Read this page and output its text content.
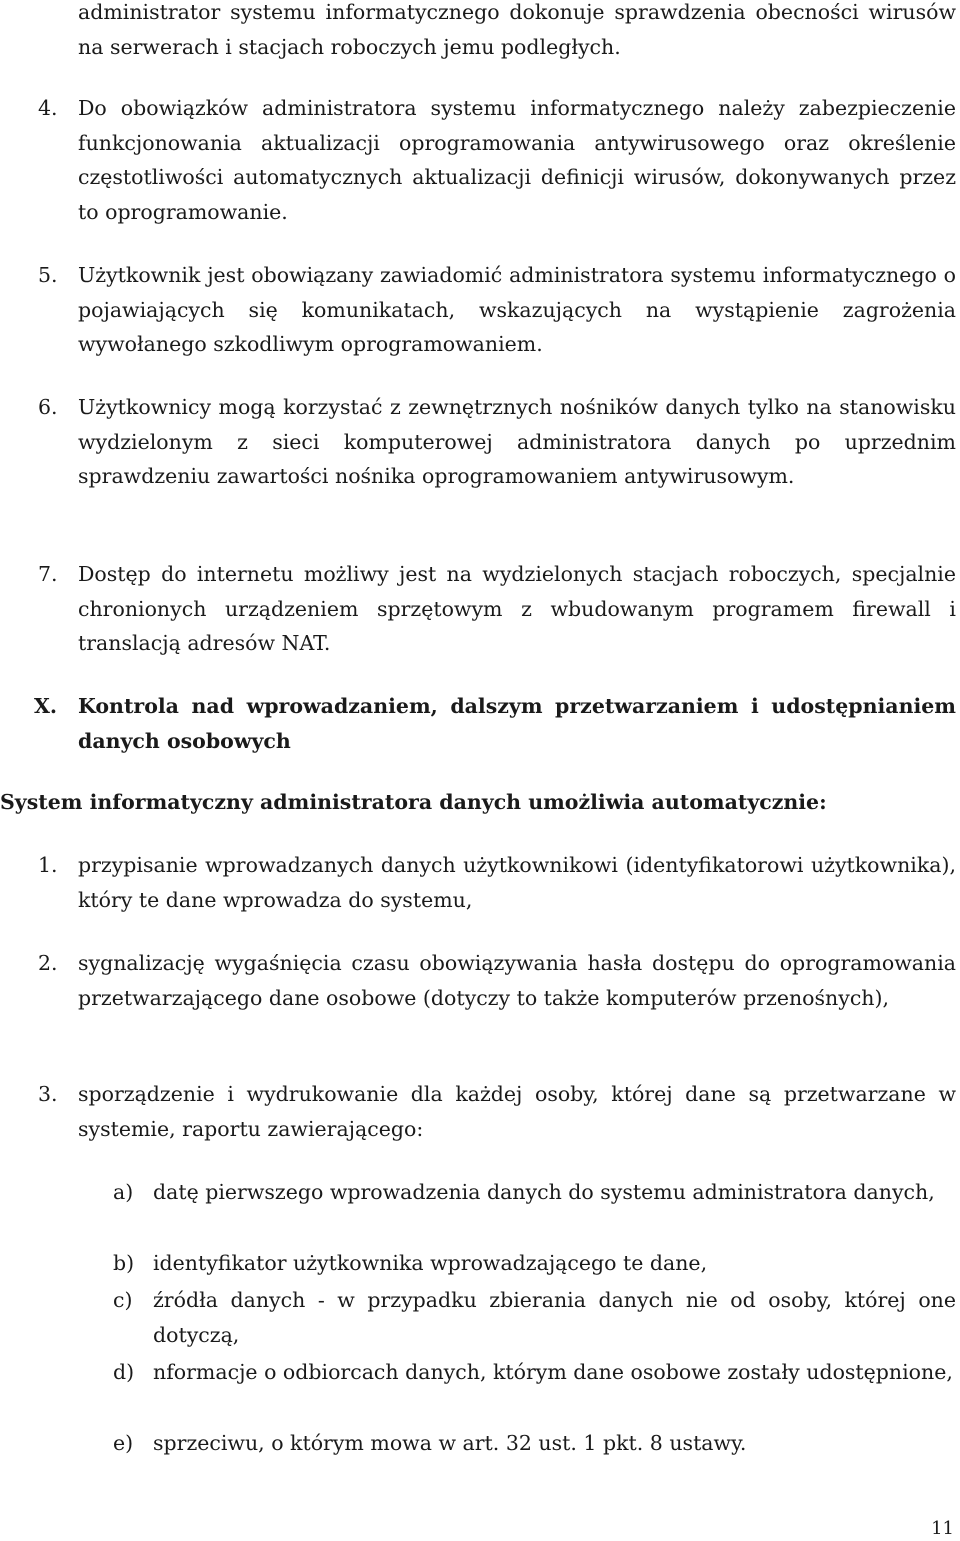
administrator systemu informatycznego dokonuje sprawdzenia obecności wirusów na serwerach i stacjach roboczych jemu podległych.
4. Do obowiązków administratora systemu informatycznego należy zabezpieczenie funkcjonowania aktualizacji oprogramowania antywirusowego oraz określenie częstotliwości automatycznych aktualizacji definicji wirusów, dokonywanych przez to oprogramowanie.
5. Użytkownik jest obowiązany zawiadomić administratora systemu informatycznego o pojawiających się komunikatach, wskazujących na wystąpienie zagrożenia wywołanego szkodliwym oprogramowaniem.
6. Użytkownicy mogą korzystać z zewnętrznych nośników danych tylko na stanowisku wydzielonym z sieci komputerowej administratora danych po uprzednim sprawdzeniu zawartości nośnika oprogramowaniem antywirusowym.
7. Dostęp do internetu możliwy jest na wydzielonych stacjach roboczych, specjalnie chronionych urządzeniem sprzętowym z wbudowanym programem firewall i translacją adresów NAT.
X.	Kontrola nad wprowadzaniem, dalszym przetwarzaniem i udostępnianiem danych osobowych
System informatyczny administratora danych umożliwia automatycznie:
1. przypisanie wprowadzanych danych użytkownikowi (identyfikatorowi użytkownika), który te dane wprowadza do systemu,
2. sygnalizację wygaśnięcia czasu obowiązywania hasła dostępu do oprogramowania przetwarzającego dane osobowe (dotyczy to także komputerów przenośnych),
3. sporządzenie i wydrukowanie dla każdej osoby, której dane są przetwarzane w systemie, raportu zawierającego:
a) datę pierwszego wprowadzenia danych do systemu administratora danych,
b) identyfikator użytkownika wprowadzającego te dane,
c)	źródła danych - w przypadku zbierania danych nie od osoby, której one dotyczą,
d) nformacje o odbiorcach danych, którym dane osobowe zostały udostępnione,
e) sprzeciwu, o którym mowa w art. 32 ust. 1 pkt. 8 ustawy.
11
